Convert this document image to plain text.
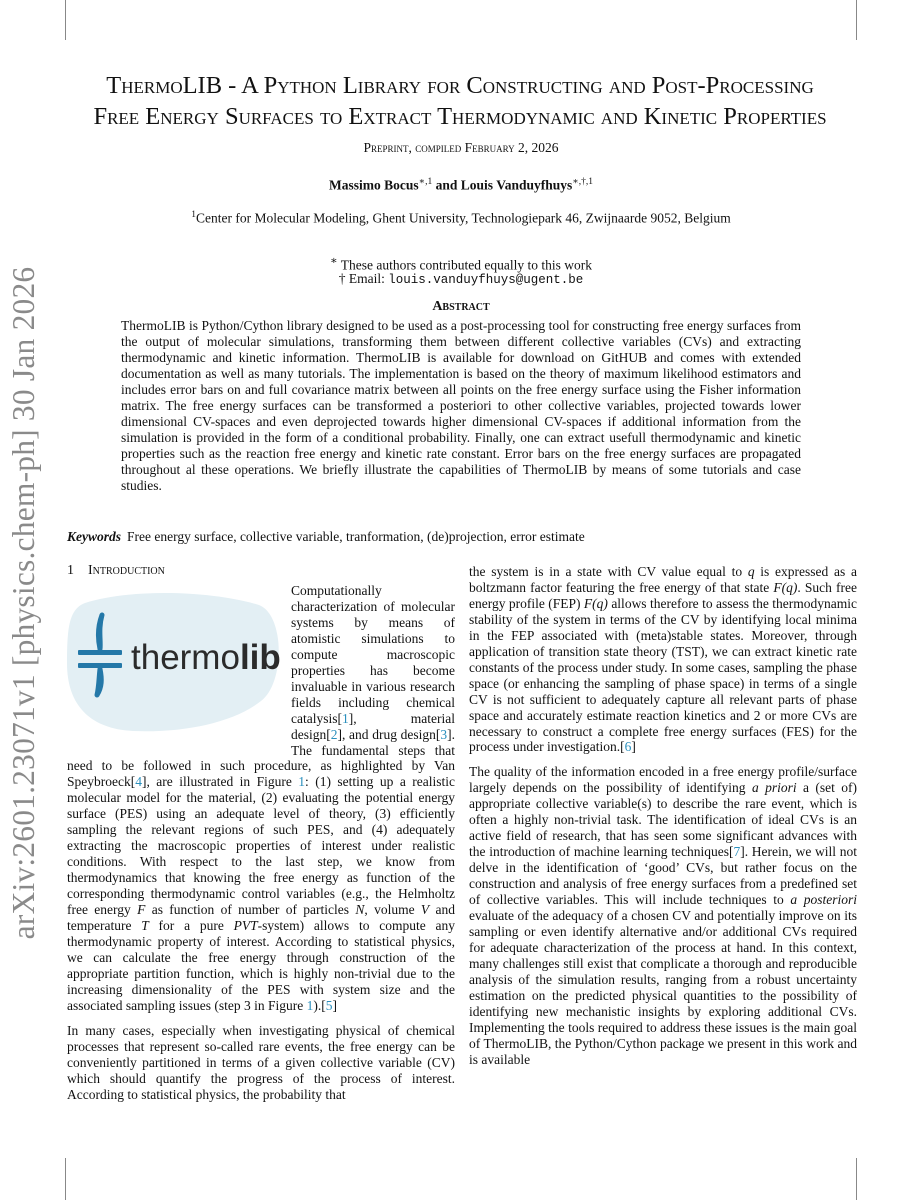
arXiv:2601.23071v1 [physics.chem-ph] 30 Jan 2026
ThermoLIB - A Python Library for Constructing and Post-Processing
Free Energy Surfaces to Extract Thermodynamic and Kinetic Properties
Preprint, compiled February 2, 2026
Massimo Bocus$^{∗,1}$ and Louis Vanduyfhuys$^{∗,\dagger,1}$
$^1$Center for Molecular Modeling, Ghent University, Technologiepark 46, Zwijnaarde 9052, Belgium
∗ These authors contributed equally to this work
† Email: louis.vanduyfhuys@ugent.be
Abstract
ThermoLIB is Python/Cython library designed to be used as a post-processing tool for constructing free energy surfaces from the output of molecular simulations, transforming them between different collective variables (CVs) and extracting thermodynamic and kinetic information. ThermoLIB is available for download on GitHUB and comes with extended documentation as well as many tutorials. The implementation is based on the theory of maximum likelihood estimators and includes error bars on and full covariance matrix between all points on the free energy surface using the Fisher information matrix. The free energy surfaces can be transformed a posteriori to other collective variables, projected towards lower dimensional CV-spaces and even deprojected towards higher dimensional CV-spaces if additional information from the simulation is provided in the form of a conditional probability. Finally, one can extract usefull thermodynamic and kinetic properties such as the reaction free energy and kinetic rate constant. Error bars on the free energy surfaces are propagated throughout al these operations. We briefly illustrate the capabilities of ThermoLIB by means of some tutorials and case studies.
Keywords Free energy surface, collective variable, tranformation, (de)projection, error estimate
1 Introduction
thermolib

Computationally characterization of molecular systems by means of atomistic simulations to compute macroscopic properties has become invaluable in various research fields including chemical catalysis[1], material design[2], and drug design[3]. The fundamental steps that need to be followed in such procedure, as highlighted by Van Speybroeck[4], are illustrated in Figure 1: (1) setting up a realistic molecular model for the material, (2) evaluating the potential energy surface (PES) using an adequate level of theory, (3) efficiently sampling the relevant regions of such PES, and (4) adequately extracting the macroscopic properties of interest under realistic conditions. With respect to the last step, we know from thermodynamics that knowing the free energy as function of the corresponding thermodynamic control variables (e.g., the Helmholtz free energy F as function of number of particles N, volume V and temperature T for a pure PVT-system) allows to compute any thermodynamic property of interest. According to statistical physics, we can calculate the free energy through construction of the appropriate partition function, which is highly non-trivial due to the increasing dimensionality of the PES with system size and the associated sampling issues (step 3 in Figure 1).[5]

In many cases, especially when investigating physical of chemical processes that represent so-called rare events, the free energy can be conveniently partitioned in terms of a given collective variable (CV) which should quantify the progress of the process of interest. According to statistical physics, the probability that

the system is in a state with CV value equal to q is expressed as a boltzmann factor featuring the free energy of that state F(q). Such free energy profile (FEP) F(q) allows therefore to assess the thermodynamic stability of the system in terms of the CV by identifying local minima in the FEP associated with (meta)stable states. Moreover, through application of transition state theory (TST), we can extract kinetic rate constants of the process under study. In some cases, sampling the phase space (or enhancing the sampling of phase space) in terms of a single CV is not sufficient to adequately capture all relevant parts of phase space and accurately estimate reaction kinetics and 2 or more CVs are necessary to construct a complete free energy surfaces (FES) for the process under investigation.[6]

The quality of the information encoded in a free energy profile/surface largely depends on the possibility of identifying a priori a (set of) appropriate collective variable(s) to describe the rare event, which is often a highly non-trivial task. The identification of ideal CVs is an active field of research, that has seen some significant advances with the introduction of machine learning techniques[7]. Herein, we will not delve in the identification of ‘good’ CVs, but rather focus on the construction and analysis of free energy surfaces from a predefined set of collective variables. This will include techniques to a posteriori evaluate of the adequacy of a chosen CV and potentially improve on its sampling or even identify alternative and/or additional CVs required for adequate characterization of the process at hand. In this context, many challenges still exist that complicate a thorough and reproducible analysis of the simulation results, ranging from a robust uncertainty estimation on the predicted physical quantities to the possibility of identifying new mechanistic insights by exploring additional CVs. Implementing the tools required to address these issues is the main goal of ThermoLIB, the Python/Cython package we present in this work and is available
